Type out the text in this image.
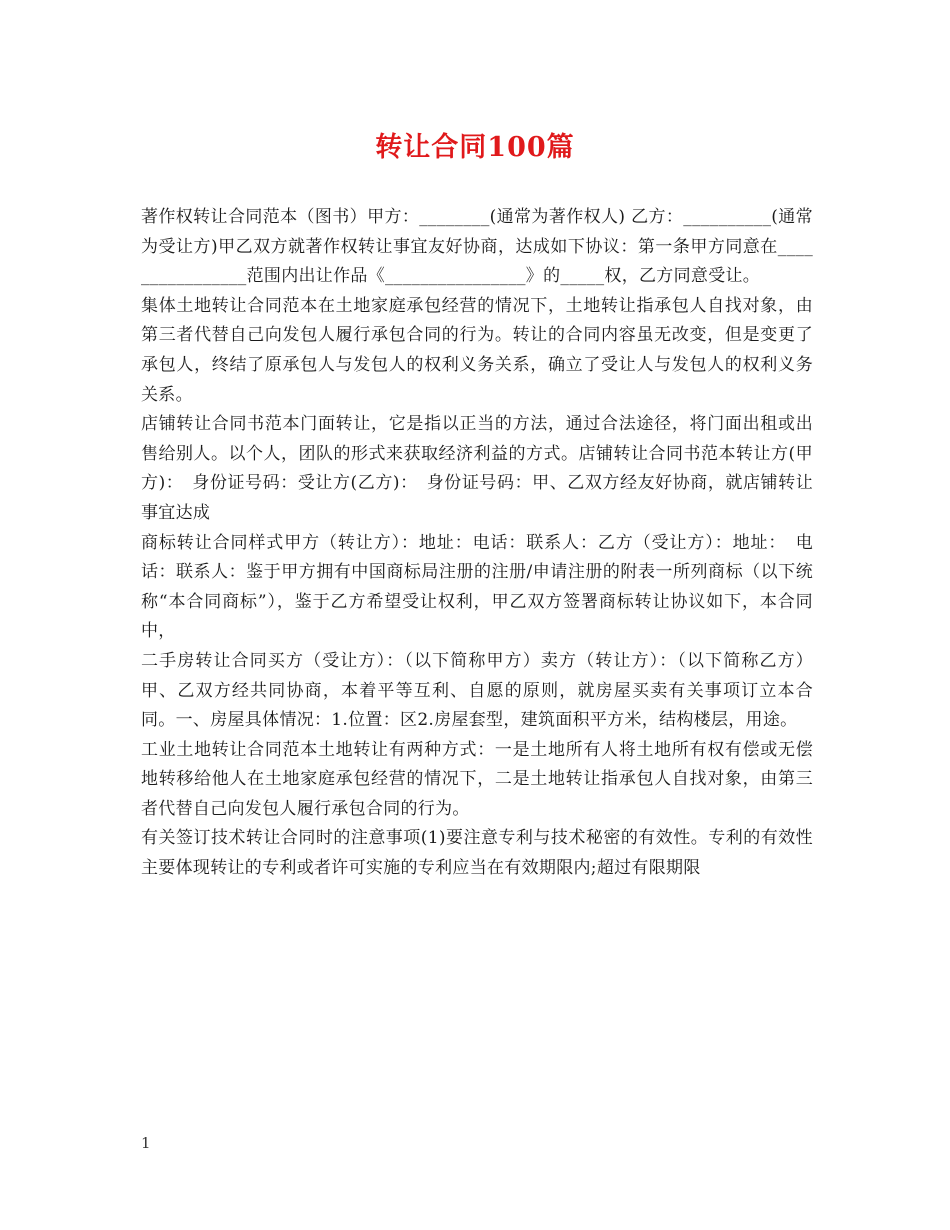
转让合同100篇

著作权转让合同范本（图书）甲方：________(通常为著作权人) 乙方：__________(通常为受让方)甲乙双方就著作权转让事宜友好协商，达成如下协议：第一条甲方同意在________________范围内出让作品《________________》的_____权，乙方同意受让。

集体土地转让合同范本在土地家庭承包经营的情况下，土地转让指承包人自找对象，由第三者代替自己向发包人履行承包合同的行为。转让的合同内容虽无改变，但是变更了承包人，终结了原承包人与发包人的权利义务关系，确立了受让人与发包人的权利义务关系。

店铺转让合同书范本门面转让，它是指以正当的方法，通过合法途径，将门面出租或出售给别人。以个人，团队的形式来获取经济利益的方式。店铺转让合同书范本转让方(甲方)：　身份证号码：受让方(乙方)：　身份证号码：甲、乙双方经友好协商，就店铺转让事宜达成

商标转让合同样式甲方（转让方）：地址：电话：联系人：乙方（受让方）：地址：　电话：联系人：鉴于甲方拥有中国商标局注册的注册/申请注册的附表一所列商标（以下统称“本合同商标”），鉴于乙方希望受让权利，甲乙双方签署商标转让协议如下，本合同中，

二手房转让合同买方（受让方）：（以下简称甲方）卖方（转让方）：（以下简称乙方）甲、乙双方经共同协商，本着平等互利、自愿的原则，就房屋买卖有关事项订立本合同。一、房屋具体情况：1.位置：区2.房屋套型，建筑面积平方米，结构楼层，用途。

工业土地转让合同范本土地转让有两种方式：一是土地所有人将土地所有权有偿或无偿地转移给他人在土地家庭承包经营的情况下，二是土地转让指承包人自找对象，由第三者代替自己向发包人履行承包合同的行为。

有关签订技术转让合同时的注意事项(1)要注意专利与技术秘密的有效性。专利的有效性主要体现转让的专利或者许可实施的专利应当在有效期限内;超过有限期限

1
